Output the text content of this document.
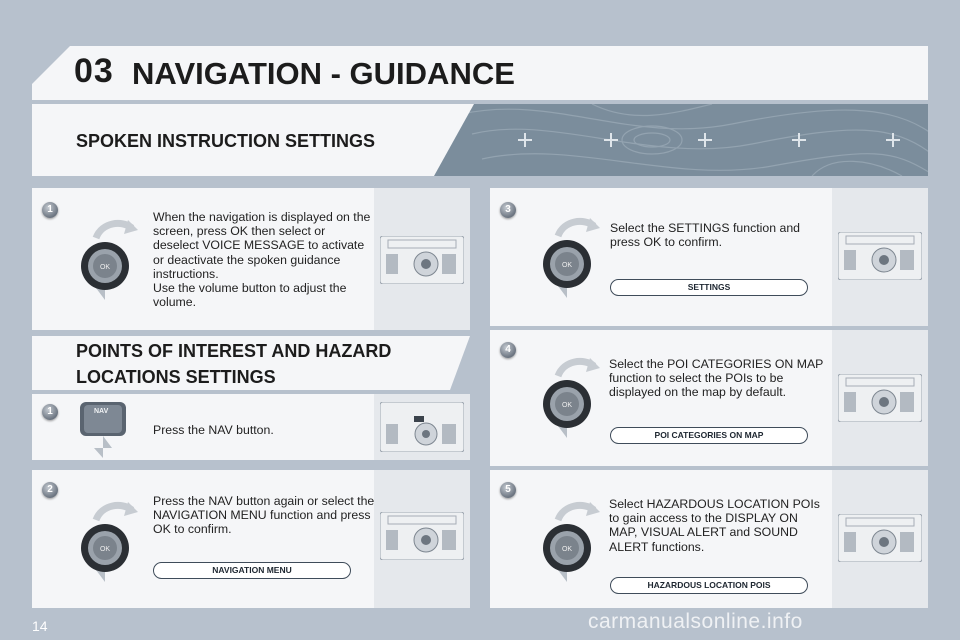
03 NAVIGATION - GUIDANCE
SPOKEN INSTRUCTION SETTINGS
1
OK
When the navigation is displayed on the screen, press OK then select or deselect VOICE MESSAGE to activate or deactivate the spoken guidance instructions.
Use the volume button to adjust the volume.
POINTS OF INTEREST AND HAZARD LOCATIONS SETTINGS
1	NAV
Press the NAV button.
2
OK
Press the NAV button again or select the NAVIGATION MENU function and press OK to confirm.
NAVIGATION MENU
3
OK
Select the SETTINGS function and press OK to confirm.
SETTINGS
4
OK
Select the POI CATEGORIES ON MAP function to select the POIs to be displayed on the map by default.
POI CATEGORIES ON MAP
5
OK
Select HAZARDOUS LOCATION POIs to gain access to the DISPLAY ON MAP, VISUAL ALERT and SOUND ALERT functions.
HAZARDOUS LOCATION POIS
14	carmanualsonline.info
